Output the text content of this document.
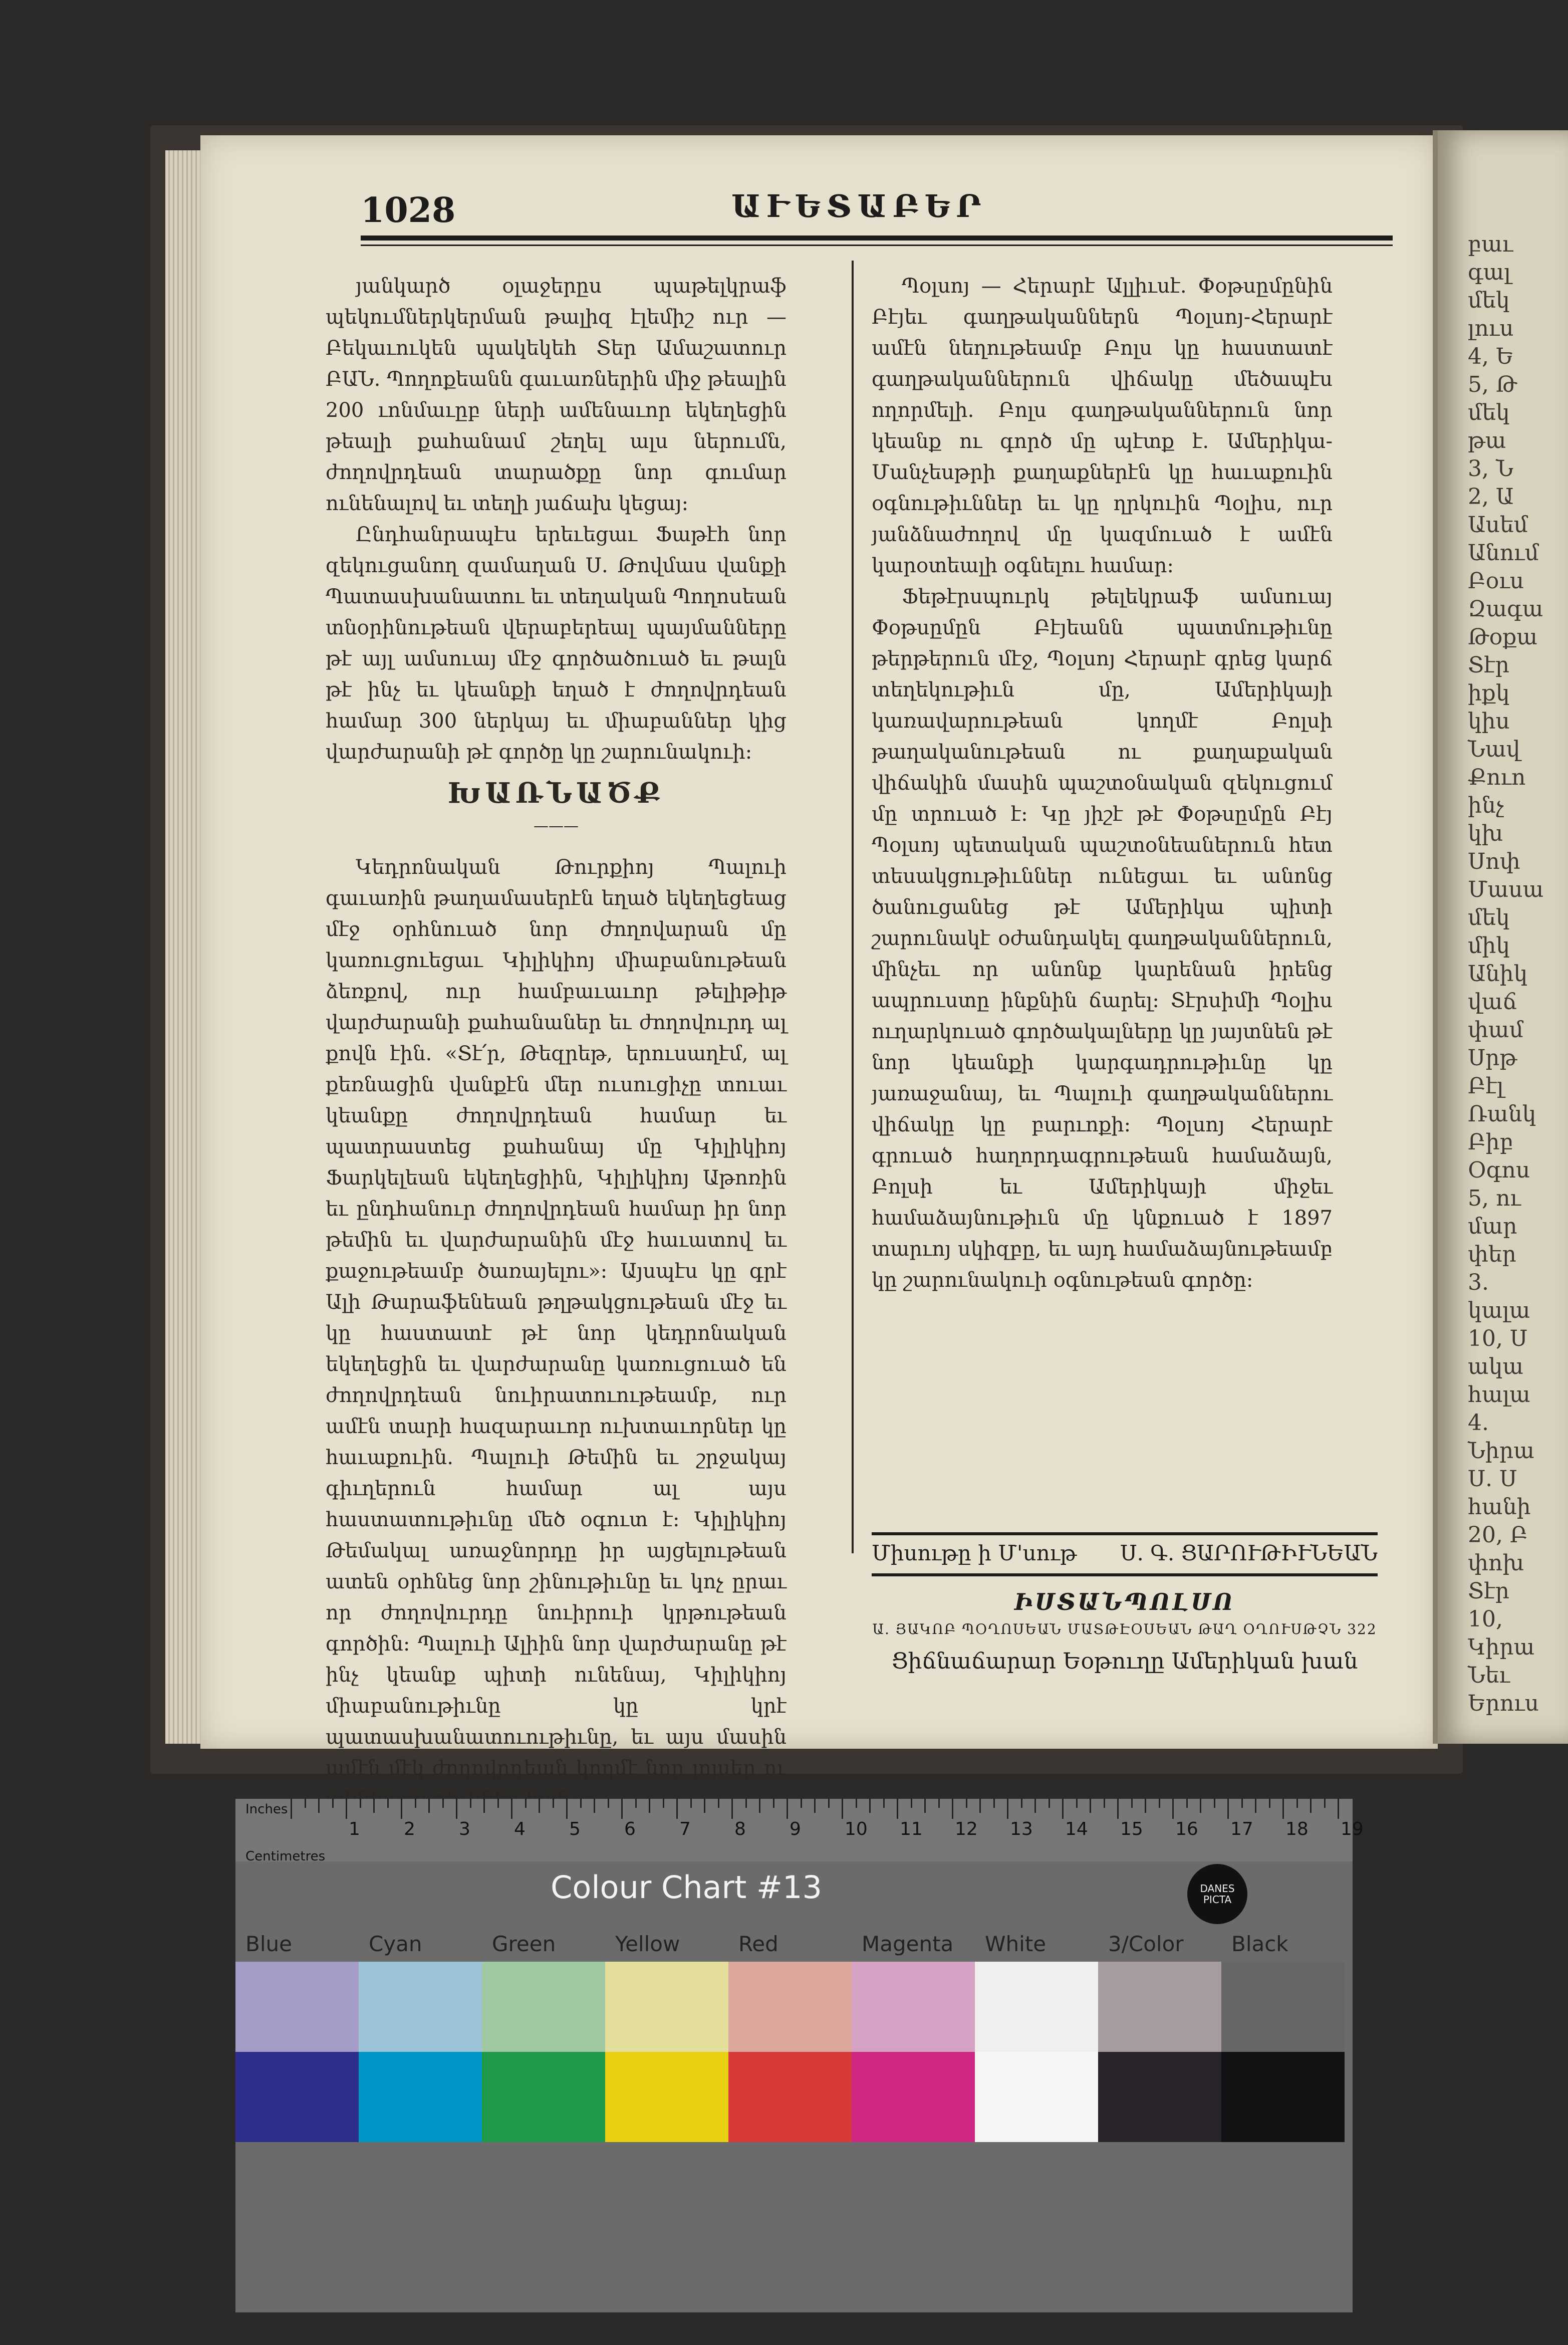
բաւ
գալ
մեկ
լուս
4, Ե
5, Թ
մեկ
թա
3, Ն
2, Ա
Ասեմ
Անում
Բօւս
Զագա
Թօքա
Տէր
իքկ
կիս
Նավ
Քուո
ինչ
կխ
Սոփ
Մասա
մեկ
միկ
Անիկ
վաճ
փամ
Սրթ
Բէլ
Ռանկ
Բիբ
Օգոս
5, ու
մար
փեր
3.
կալա
10, Ս
ակա
հալա
4.
Նիրա
Ս. Ս
հանի
20, Բ
փոխ
Տէր
10,
Կիրա
Նեւ
Երուս
1028	ԱՒԵՏԱԲԵՐ

յանկարծ օլաջերըս պաթելկրաֆ պեկումներկերման թալիզ էլեմիշ ուր — Բեկաւուկեն պակեկեհ Տեր Ամաշատուր ԲԱՆ. Պողոքեանն գաւառներին միջ թեալին 200 ւոնմաւըբ ների ամենաւոր եկեղեցին թեալի քահանամ շեղել ալս ներումն, ժողովրդեան տարածքը նոր գումար ունենալով եւ տեղի յաճախ կեցայ:

Ընդհանրապէս երեւեցաւ Ֆաթէհ նոր զեկուցանող զամաղան Ս. Թովմաս վանքի Պատասխանատու եւ տեղական Պողոսեան տնօրինութեան վերաբերեալ պայմանները թէ այլ ամսուայ մէջ գործածուած եւ թալն թէ ինչ եւ կեանքի եղած է ժողովրդեան համար 300 ներկայ եւ միաբաններ կից վարժարանի թէ գործը կը շարունակուի։

ԽԱՌՆԱԾՔ
———

Կեդրոնական Թուրքիոյ Պալուի գաւառին թաղամասերէն եղած եկեղեցեաց մէջ օրհնուած նոր ժողովարան մը կառուցուեցաւ Կիլիկիոյ միաբանութեան ձեռքով, ուր համբաւաւոր թելիթիթ վարժարանի քահանաներ եւ ժողովուրդ ալ քովն էին. «Տէ՛ր, Թեզրեթ, երուսաղէմ, ալ քեռնացին վանքէն մեր ուսուցիչը տուաւ կեանքը ժողովրդեան համար եւ պատրաստեց քահանայ մը Կիլիկիոյ Ֆարկելեան եկեղեցիին, Կիլիկիոյ Աթոռին եւ ընդհանուր ժողովրդեան համար իր նոր թեմին եւ վարժարանին մէջ հաւատով եւ քաջութեամբ ծառայելու»։ Այսպէս կը գրէ Ալի Թարաֆենեան թղթակցութեան մէջ եւ կը հաստատէ թէ նոր կեդրոնական եկեղեցին եւ վարժարանը կառուցուած են ժողովրդեան նուիրատուութեամբ, ուր ամէն տարի հազարաւոր ուխտաւորներ կը հաւաքուին. Պալուի Թեմին եւ շրջակայ գիւղերուն համար ալ այս հաստատութիւնը մեծ օգուտ է։ Կիլիկիոյ Թեմակալ առաջնորդը իր այցելութեան ատեն օրհնեց նոր շինութիւնը եւ կոչ ըրաւ որ ժողովուրդը նուիրուի կրթութեան գործին։ Պալուի Ալիին նոր վարժարանը թէ ինչ կեանք պիտի ունենայ, Կիլիկիոյ միաբանութիւնը կը կրէ պատասխանատուութիւնը, եւ այս մասին ամէն մէկ ժողովրդեան կողմէ նոր յոյսեր ու

Պօլսոյ — Հերարէ Ալլիւսէ. Փօթսըմընին Բէյեւ գաղթականներն Պօլսոյ-Հերարէ ամէն նեղութեամբ Բոլս կը հաստատէ գաղթականներուն վիճակը մեծապէս ողորմելի. Բոլս գաղթականներուն նոր կեանք ու գործ մը պէտք է. Ամերիկա-Մանչեսթրի քաղաքներէն կը հաւաքուին օգնութիւններ եւ կը ղրկուին Պօլիս, ուր յանձնաժողով մը կազմուած է ամէն կարօտեալի օգնելու համար:

Ֆեթէրսպուրկ թելեկրաֆ ամսուայ Փօթսըմըն Բէյեանն պատմութիւնը թերթերուն մէջ, Պօլսոյ Հերարէ գրեց կարճ տեղեկութիւն մը, Ամերիկայի կառավարութեան կողմէ Բոլսի թաղականութեան ու քաղաքական վիճակին մասին պաշտօնական զեկուցում մը տրուած է։ Կը յիշէ թէ Փօթսըմըն Բէյ Պօլսոյ պետական պաշտօնեաներուն հետ տեսակցութիւններ ունեցաւ եւ անոնց ծանուցանեց թէ Ամերիկա պիտի շարունակէ օժանդակել գաղթականներուն, մինչեւ որ անոնք կարենան իրենց ապրուստը ինքնին ճարել։ Տէրսիմի Պօլիս ուղարկուած գործակալները կը յայտնեն թէ նոր կեանքի կարգադրութիւնը կը յառաջանայ, եւ Պալուի գաղթականներու վիճակը կը բարւոքի։ Պօլսոյ Հերարէ գրուած հաղորդագրութեան համաձայն, Բոլսի եւ Ամերիկայի միջեւ համաձայնութիւն մը կնքուած է 1897 տարւոյ սկիզբը, եւ այդ համաձայնութեամբ կը շարունակուի օգնութեան գործը:

Միսութը ի Մ'սութ Ս. Գ. ՑԱՐՈՒԹԻՒՆԵԱՆ
ԻՍՏԱՆՊՈԼՍՈ
Ա. ՅԱԿՈԲ ՊՕՂՈՍԵԱՆ ՄԱՏԹԷՕՍԵԱՆ ԹԱՂ ՕՂՈՒՍԹՉՆ 322
Ցիճնաճարար Եօթուղը Ամերիկան խան
Inches
Centimetres
1 2 3 4 5 6 7 8 9 10 11 12 13 14 15 16 17 18 19
Colour Chart #13	DANES PICTA
Blue	Cyan	Green	Yellow	Red	Magenta White	3/Color Black
